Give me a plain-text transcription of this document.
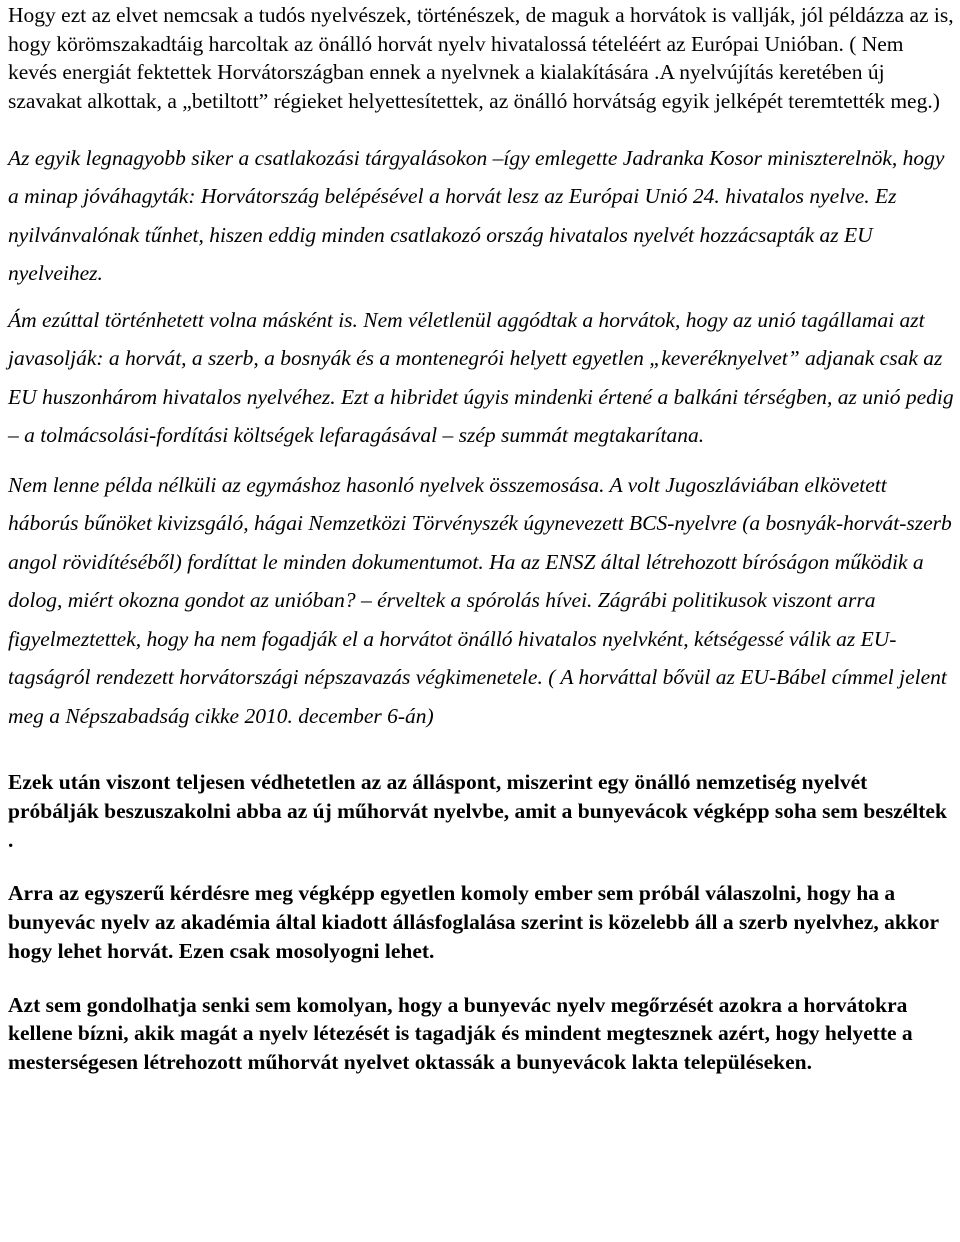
Hogy ezt az elvet nemcsak a tudós nyelvészek, történészek, de maguk a horvátok is vallják, jól példázza az is, hogy körömszakadtáig harcoltak az önálló horvát nyelv hivatalossá tételéért az Európai Unióban. ( Nem kevés energiát fektettek Horvátországban ennek a nyelvnek a kialakítására .A nyelvújítás keretében új szavakat alkottak, a „betiltott” régieket helyettesítettek, az önálló horvátság egyik jelképét teremtették meg.)

Az egyik legnagyobb siker a csatlakozási tárgyalásokon –így emlegette Jadranka Kosor miniszterelnök, hogy a minap jóváhagyták: Horvátország belépésével a horvát lesz az Európai Unió 24. hivatalos nyelve. Ez nyilvánvalónak tűnhet, hiszen eddig minden csatlakozó ország hivatalos nyelvét hozzácsapták az EU nyelveihez.

Ám ezúttal történhetett volna másként is. Nem véletlenül aggódtak a horvátok, hogy az unió tagállamai azt javasolják: a horvát, a szerb, a bosnyák és a montenegrói helyett egyetlen „keveréknyelvet” adjanak csak az EU huszonhárom hivatalos nyelvéhez. Ezt a hibridet úgyis mindenki értené a balkáni térségben, az unió pedig – a tolmácsolási-fordítási költségek lefaragásával – szép summát megtakarítana.

Nem lenne példa nélküli az egymáshoz hasonló nyelvek összemosása. A volt Jugoszláviában elkövetett háborús bűnöket kivizsgáló, hágai Nemzetközi Törvényszék úgynevezett BCS-nyelvre (a bosnyák-horvát-szerb angol rövidítéséből) fordíttat le minden dokumentumot. Ha az ENSZ által létrehozott bíróságon működik a dolog, miért okozna gondot az unióban? – érveltek a spórolás hívei. Zágrábi politikusok viszont arra figyelmeztettek, hogy ha nem fogadják el a horvátot önálló hivatalos nyelvként, kétségessé válik az EU-tagságról rendezett horvátországi népszavazás végkimenetele. ( A horváttal bővül az EU-Bábel címmel jelent meg a Népszabadság cikke 2010. december 6-án)

Ezek után viszont teljesen védhetetlen az az álláspont, miszerint egy önálló nemzetiség nyelvét próbálják beszuszakolni abba az új műhorvát nyelvbe, amit a bunyevácok végképp soha sem beszéltek .

Arra az egyszerű kérdésre meg végképp egyetlen komoly ember sem próbál válaszolni, hogy ha a bunyevác nyelv az akadémia által kiadott állásfoglalása szerint is közelebb áll a szerb nyelvhez, akkor hogy lehet horvát. Ezen csak mosolyogni lehet.

Azt sem gondolhatja senki sem komolyan, hogy a bunyevác nyelv megőrzését azokra a horvátokra kellene bízni, akik magát a nyelv létezését is tagadják és mindent megtesznek azért, hogy helyette a mesterségesen létrehozott műhorvát nyelvet oktassák a bunyevácok lakta településeken.
